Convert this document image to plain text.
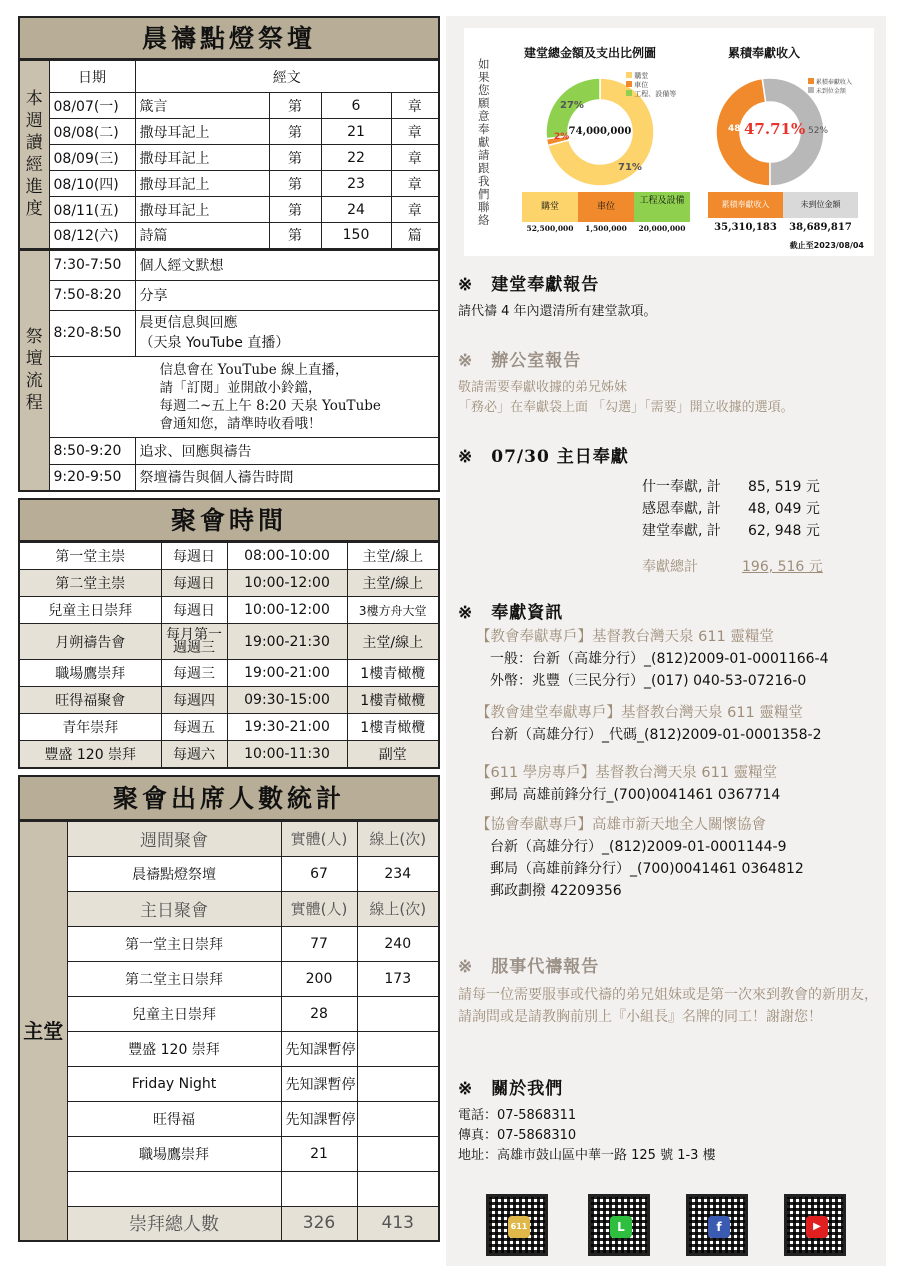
晨禱點燈祭壇
本週讀經進度	日期	經文			
	08/07(一)	箴言	第	6	章
	08/08(二)	撒母耳記上	第	21	章
	08/09(三)	撒母耳記上	第	22	章
	08/10(四)	撒母耳記上	第	23	章
	08/11(五)	撒母耳記上	第	24	章
	08/12(六)	詩篇	第	150	篇
祭壇流程	7:30-7:50	個人經文默想
	7:50-8:20	分享
	8:20-8:50	晨更信息與回應
（天泉 YouTube 直播）

	信息會在 YouTube 線上直播，
請「訂閱」並開啟小鈴鐺，
每週二~五上午 8:20 天泉 YouTube
會通知您，請準時收看哦！	

	8:50-9:20	追求、回應與禱告
	9:20-9:50	祭壇禱告與個人禱告時間
聚會時間
第一堂主崇	每週日	08:00-10:00	主堂/線上
第二堂主崇	每週日	10:00-12:00	主堂/線上
兒童主日崇拜	每週日	10:00-12:00	3樓方舟大堂
月朔禱告會	每月第一週週三	19:00-21:30	主堂/線上
職場鷹崇拜	每週三	19:00-21:00	1樓青橄欖
旺得福聚會	每週四	09:30-15:00	1樓青橄欖
青年崇拜	每週五	19:30-21:00	1樓青橄欖
豐盛 120 崇拜	每週六	10:00-11:30	副堂
聚會出席人數統計
主堂	週間聚會	實體(人)	線上(次)
	晨禱點燈祭壇	67	234
	主日聚會	實體(人)	線上(次)
	第一堂主日崇拜	77	240
	第二堂主日崇拜	200	173
	兒童主日崇拜	28	
	豐盛 120 崇拜	先知課暫停	
	Friday Night	先知課暫停	
	旺得福	先知課暫停	
	職場鷹崇拜	21	

	崇拜總人數	326	413
如果您願意奉獻請跟我們聯絡
建堂總金額及支出比例圖	累積奉獻收入
購堂
車位
工程、設備等
累積奉獻收入
未到位金額
27%
2%
71%
74,000,000	48%	52%
47.71%
購堂	車位
工程及設備
52,500,000	1,500,000	20,000,000
累積奉獻收入	未到位金額
35,310,183	38,689,817
截止至2023/08/04
※ 建堂奉獻報告
請代禱 4 年內還清所有建堂款項。
※ 辦公室報告
敬請需要奉獻收據的弟兄姊妹
「務必」在奉獻袋上面 「勾選」「需要」開立收據的選項。
※ 07/30 主日奉獻
什一奉獻, 計 85, 519 元
感恩奉獻, 計 48, 049 元
建堂奉獻, 計 62, 948 元
奉獻總計	196, 516 元
※ 奉獻資訊
【教會奉獻專戶】基督教台灣天泉 611 靈糧堂
一般：台新（高雄分行）_(812)2009-01-0001166-4
外幣：兆豐（三民分行）_(017) 040-53-07216-0
【教會建堂奉獻專戶】基督教台灣天泉 611 靈糧堂
台新（高雄分行）_代碼_(812)2009-01-0001358-2
【611 學房專戶】基督教台灣天泉 611 靈糧堂
郵局 高雄前鋒分行_(700)0041461 0367714
【協會奉獻專戶】高雄市新天地全人關懷協會
台新（高雄分行）_(812)2009-01-0001144-9
郵局（高雄前鋒分行）_(700)0041461 0364812
郵政劃撥 42209356
※ 服事代禱報告
請每一位需要服事或代禱的弟兄姐妹或是第一次來到教會的新朋友，請詢問或是請教胸前別上『小組長』名牌的同工！謝謝您！
※ 關於我們
電話：07-5868311
傳真：07-5868310
地址：高雄市鼓山區中華一路 125 號 1-3 樓
611	L	f	▶
